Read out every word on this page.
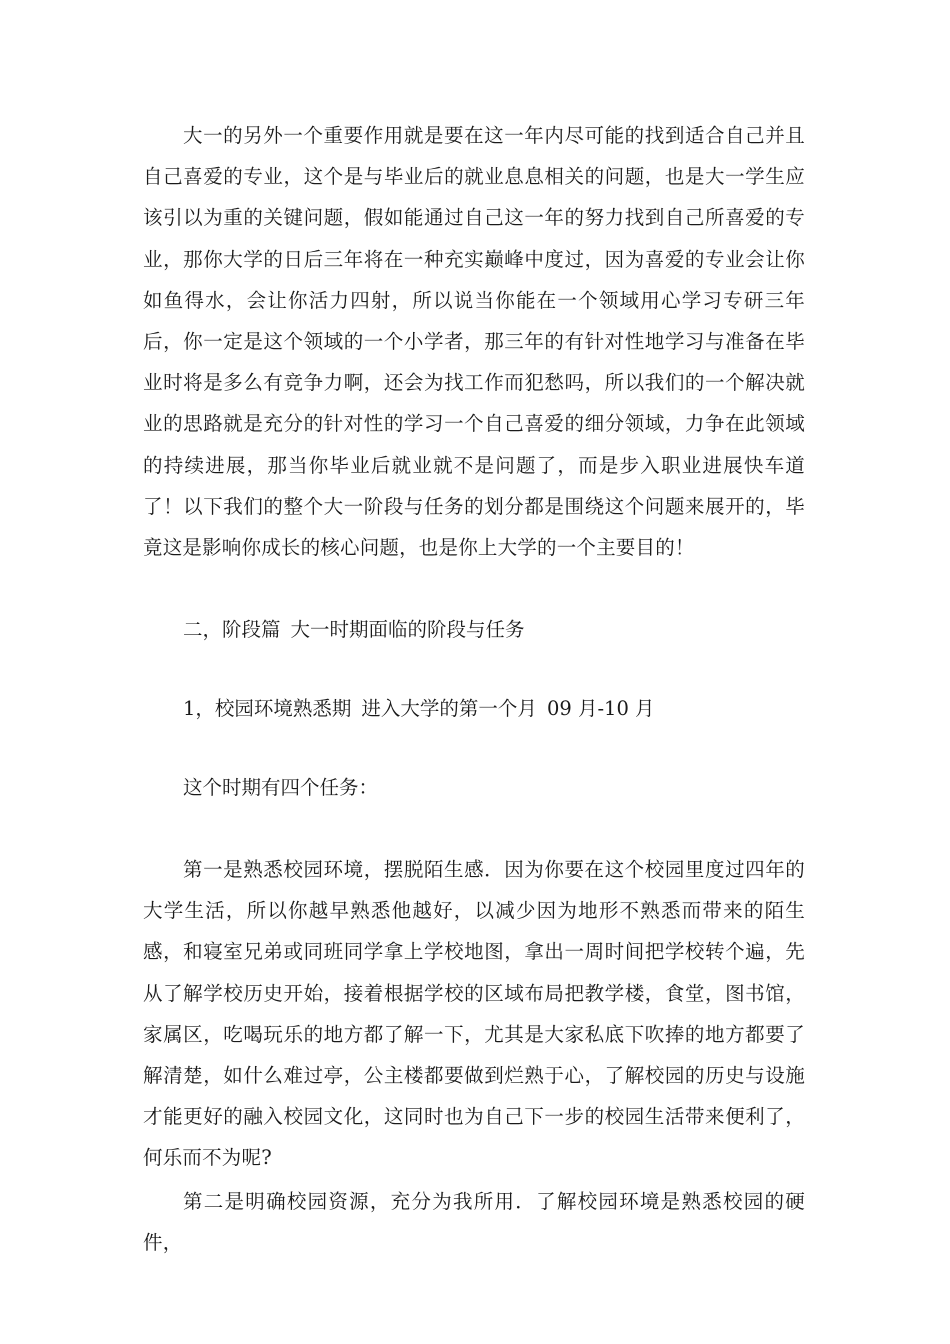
大一的另外一个重要作用就是要在这一年内尽可能的找到适合自己并且自己喜爱的专业，这个是与毕业后的就业息息相关的问题，也是大一学生应该引以为重的关键问题，假如能通过自己这一年的努力找到自己所喜爱的专业，那你大学的日后三年将在一种充实巅峰中度过，因为喜爱的专业会让你如鱼得水，会让你活力四射，所以说当你能在一个领域用心学习专研三年后，你一定是这个领域的一个小学者，那三年的有针对性地学习与准备在毕业时将是多么有竞争力啊，还会为找工作而犯愁吗，所以我们的一个解决就业的思路就是充分的针对性的学习一个自己喜爱的细分领域，力争在此领域的持续进展，那当你毕业后就业就不是问题了，而是步入职业进展快车道了！以下我们的整个大一阶段与任务的划分都是围绕这个问题来展开的，毕竟这是影响你成长的核心问题，也是你上大学的一个主要目的！

二，阶段篇 大一时期面临的阶段与任务

1，校园环境熟悉期 进入大学的第一个月 09 月-10 月

这个时期有四个任务：

第一是熟悉校园环境，摆脱陌生感．因为你要在这个校园里度过四年的大学生活，所以你越早熟悉他越好，以减少因为地形不熟悉而带来的陌生感，和寝室兄弟或同班同学拿上学校地图，拿出一周时间把学校转个遍，先从了解学校历史开始，接着根据学校的区域布局把教学楼，食堂，图书馆，家属区，吃喝玩乐的地方都了解一下，尤其是大家私底下吹捧的地方都要了解清楚，如什么难过亭，公主楼都要做到烂熟于心，了解校园的历史与设施才能更好的融入校园文化，这同时也为自己下一步的校园生活带来便利了，何乐而不为呢?

第二是明确校园资源，充分为我所用．了解校园环境是熟悉校园的硬件，
